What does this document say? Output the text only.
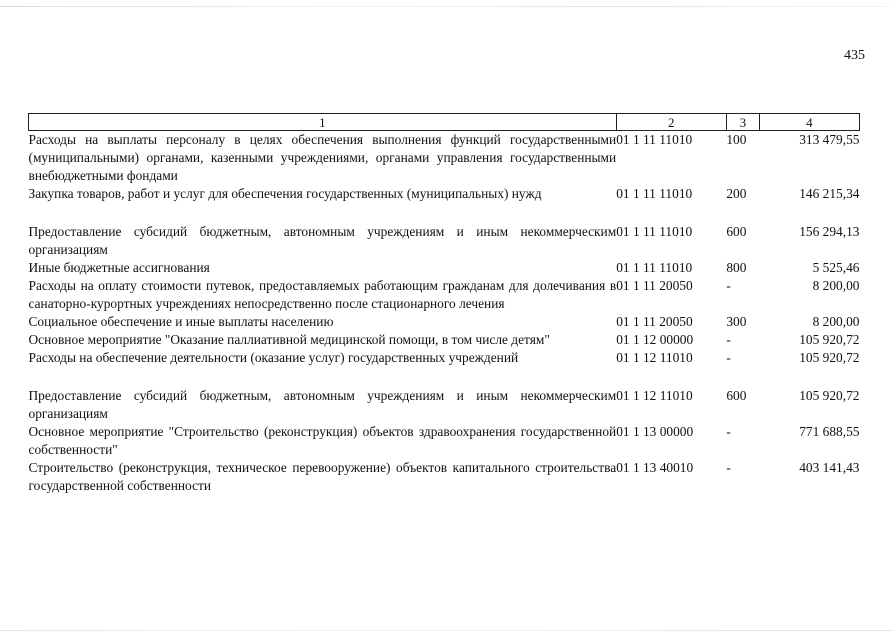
435
1	2	3	4
Расходы на выплаты персоналу в целях обеспечения выполнения функций государственными (муниципальными) органами, казенными учреждениями, органами управления государственными внебюджетными фондами	01 1 11 11010	100	313 479,55
Закупка товаров, работ и услуг для обеспечения государственных (муниципальных) нужд	01 1 11 11010	200	146 215,34
Предоставление субсидий бюджетным, автономным учреждениям и иным некоммерческим организациям	01 1 11 11010	600	156 294,13
Иные бюджетные ассигнования	01 1 11 11010	800	5 525,46
Расходы на оплату стоимости путевок, предоставляемых работающим гражданам для долечивания в санаторно-курортных учреждениях непосредственно после стационарного лечения	01 1 11 20050	-	8 200,00
Социальное обеспечение и иные выплаты населению	01 1 11 20050	300	8 200,00
Основное мероприятие "Оказание паллиативной медицинской помощи, в том числе детям"	01 1 12 00000	-	105 920,72
Расходы на обеспечение деятельности (оказание услуг) государственных учреждений	01 1 12 11010	-	105 920,72
Предоставление субсидий бюджетным, автономным учреждениям и иным некоммерческим организациям	01 1 12 11010	600	105 920,72
Основное мероприятие "Строительство (реконструкция) объектов здравоохранения государственной собственности"	01 1 13 00000	-	771 688,55
Строительство (реконструкция, техническое перевооружение) объектов капитального строительства государственной собственности	01 1 13 40010	-	403 141,43
